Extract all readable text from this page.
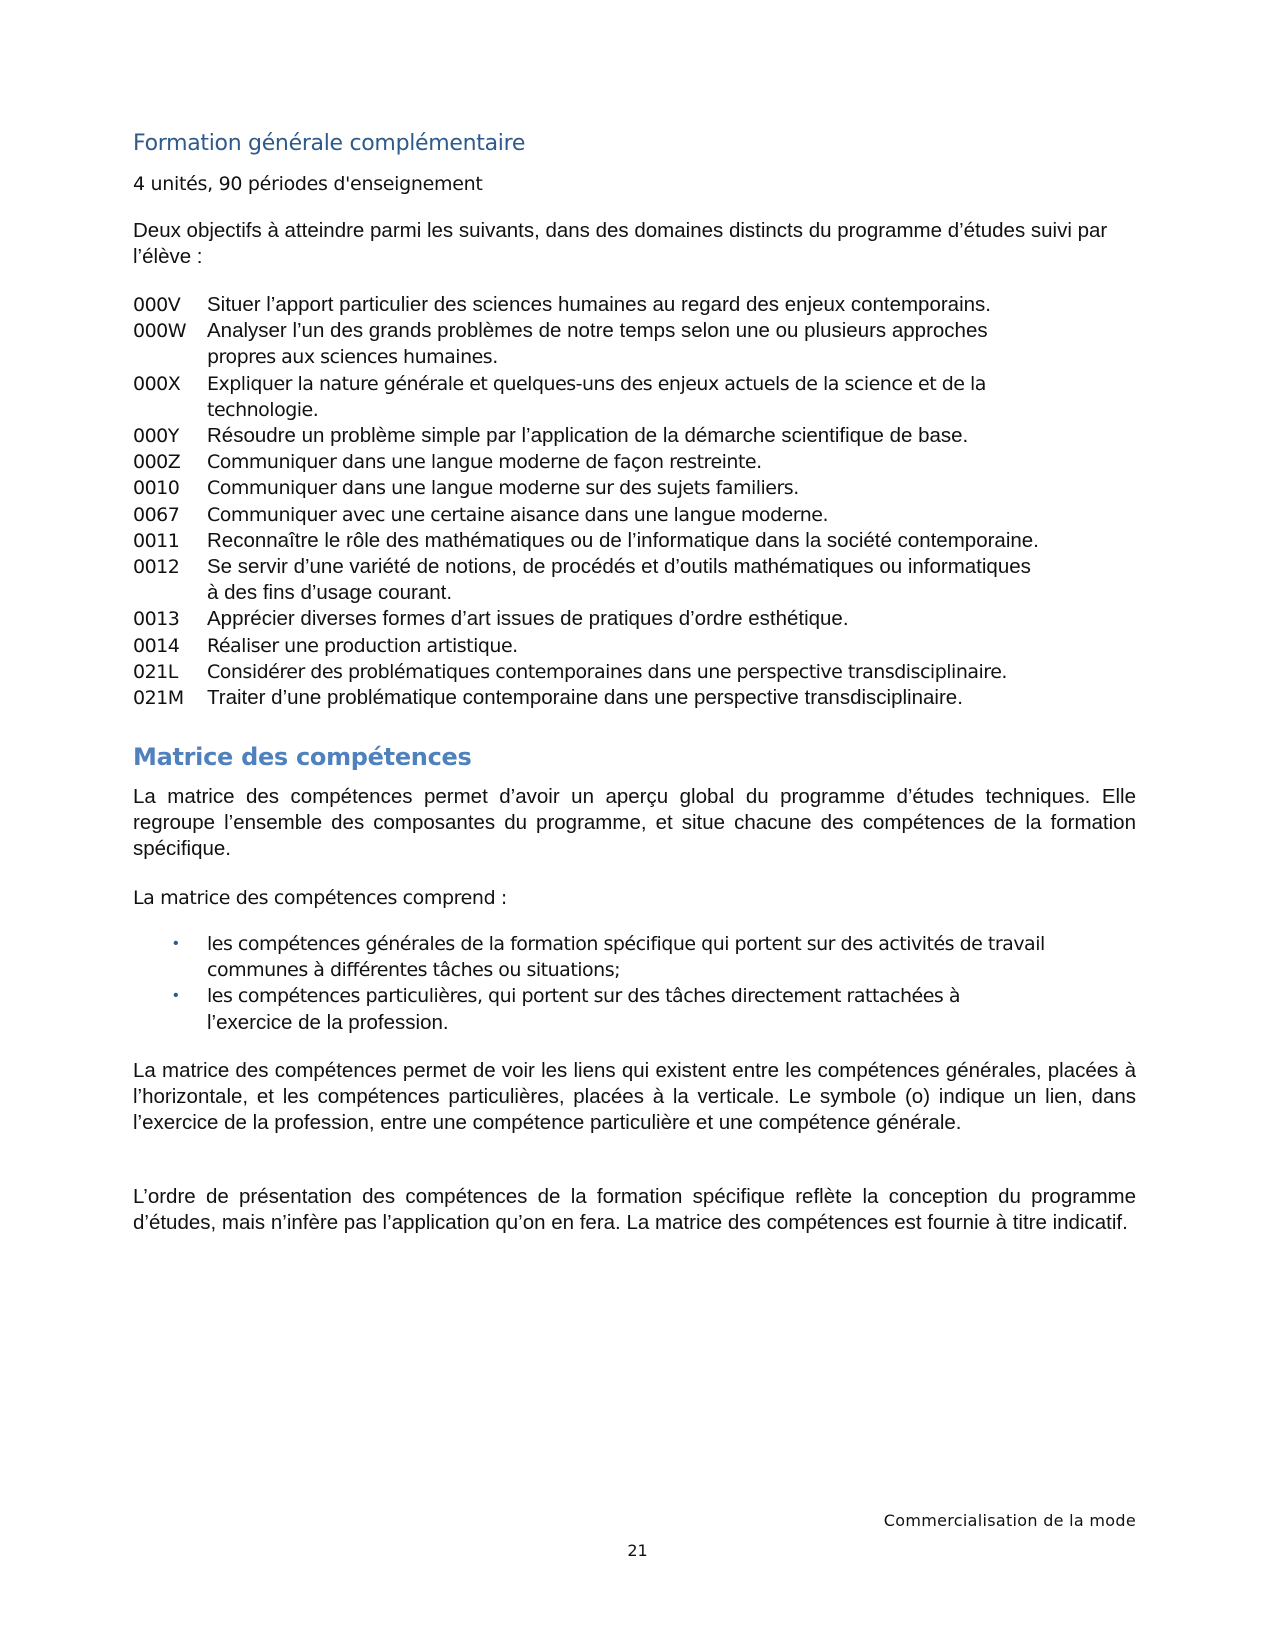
Formation générale complémentaire
4 unités, 90 périodes d'enseignement
Deux objectifs à atteindre parmi les suivants, dans des domaines distincts du programme d’études suivi par l’élève :
000V	Situer l’apport particulier des sciences humaines au regard des enjeux contemporains.
000W	Analyser l’un des grands problèmes de notre temps selon une ou plusieurs approches
propres aux sciences humaines.
000X	Expliquer la nature générale et quelques-uns des enjeux actuels de la science et de la
technologie.
000Y	Résoudre un problème simple par l’application de la démarche scientifique de base.
000Z	Communiquer dans une langue moderne de façon restreinte.
0010	Communiquer dans une langue moderne sur des sujets familiers.
0067	Communiquer avec une certaine aisance dans une langue moderne.
0011	Reconnaître le rôle des mathématiques ou de l’informatique dans la société contemporaine.
0012	Se servir d’une variété de notions, de procédés et d’outils mathématiques ou informatiques
à des fins d’usage courant.
0013	Apprécier diverses formes d’art issues de pratiques d’ordre esthétique.
0014	Réaliser une production artistique.
021L	Considérer des problématiques contemporaines dans une perspective transdisciplinaire.
021M	Traiter d’une problématique contemporaine dans une perspective transdisciplinaire.
Matrice des compétences
La matrice des compétences permet d’avoir un aperçu global du programme d’études techniques. Elle regroupe l’ensemble des composantes du programme, et situe chacune des compétences de la formation spécifique.
La matrice des compétences comprend :
• les compétences générales de la formation spécifique qui portent sur des activités de travail communes à différentes tâches ou situations;
• les compétences particulières, qui portent sur des tâches directement rattachées à
l’exercice de la profession.
La matrice des compétences permet de voir les liens qui existent entre les compétences générales, placées à l’horizontale, et les compétences particulières, placées à la verticale. Le symbole (o) indique un lien, dans l’exercice de la profession, entre une compétence particulière et une compétence générale.
L’ordre de présentation des compétences de la formation spécifique reflète la conception du programme d’études, mais n’infère pas l’application qu’on en fera. La matrice des compétences est fournie à titre indicatif.
Commercialisation de la mode
21
